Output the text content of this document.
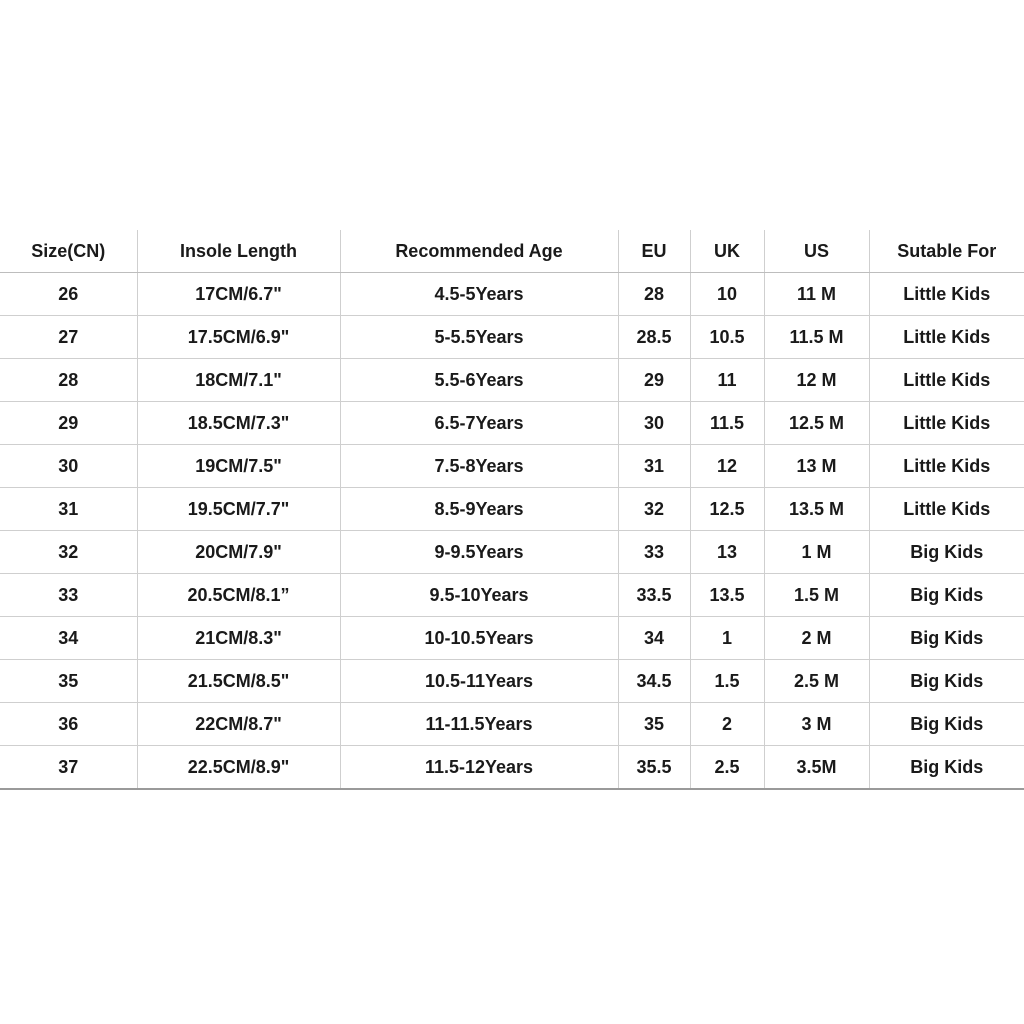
Size(CN)	Insole Length	Recommended Age	EU	UK	US	Sutable For
26	17CM/6.7"	4.5-5Years	28	10	11 M	Little Kids
27	17.5CM/6.9"	5-5.5Years	28.5	10.5	11.5 M	Little Kids
28	18CM/7.1"	5.5-6Years	29	11	12 M	Little Kids
29	18.5CM/7.3"	6.5-7Years	30	11.5	12.5 M	Little Kids
30	19CM/7.5"	7.5-8Years	31	12	13 M	Little Kids
31	19.5CM/7.7"	8.5-9Years	32	12.5	13.5 M	Little Kids
32	20CM/7.9"	9-9.5Years	33	13	1 M	Big Kids
33	20.5CM/8.1”	9.5-10Years	33.5	13.5	1.5 M	Big Kids
34	21CM/8.3"	10-10.5Years	34	1	2 M	Big Kids
35	21.5CM/8.5"	10.5-11Years	34.5	1.5	2.5 M	Big Kids
36	22CM/8.7"	11-11.5Years	35	2	3 M	Big Kids
37	22.5CM/8.9"	11.5-12Years	35.5	2.5	3.5M	Big Kids
